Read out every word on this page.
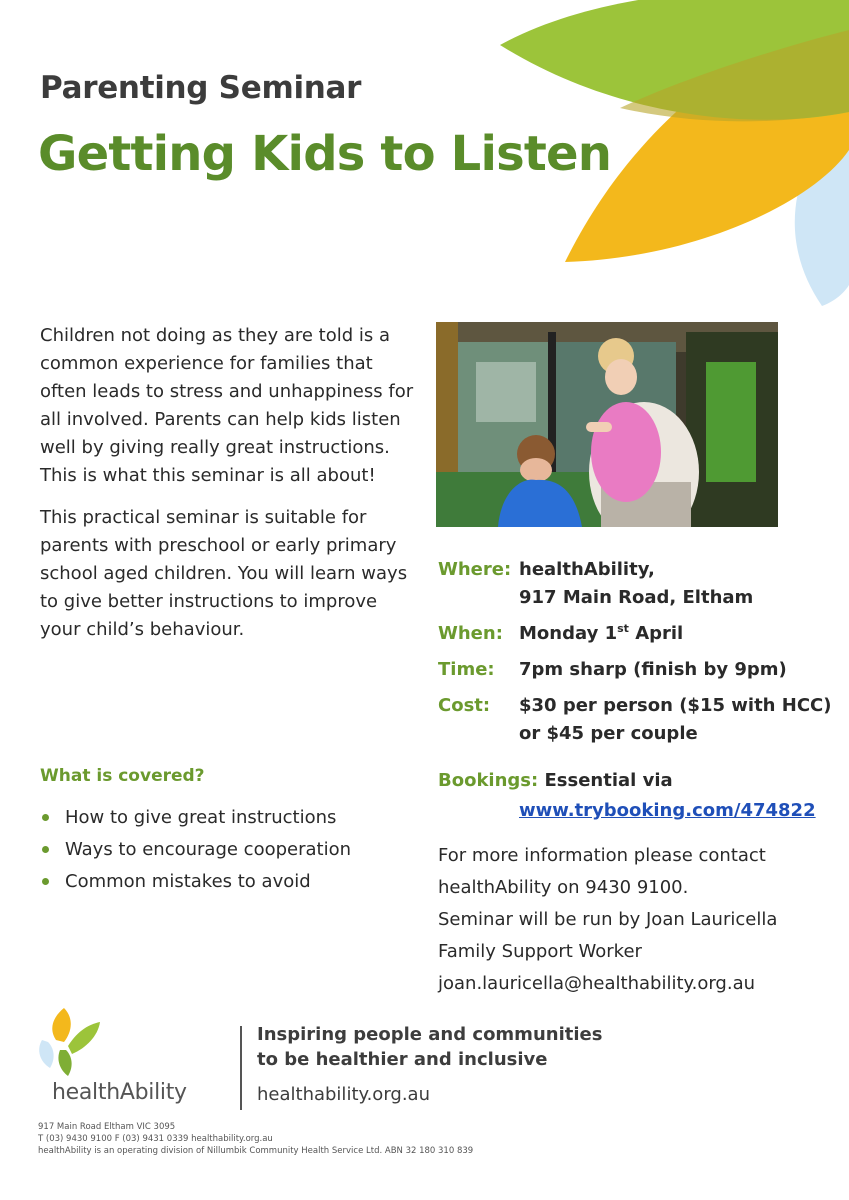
Parenting Seminar
Getting Kids to Listen

Children not doing as they are told is a common experience for families that often leads to stress and unhappiness for all involved. Parents can help kids listen well by giving really great instructions. This is what this seminar is all about!

This practical seminar is suitable for parents with preschool or early primary school aged children. You will learn ways to give better instructions to improve your child’s behaviour.

Where: healthAbility,
917 Main Road, Eltham
When: Monday 1st April
Time:	7pm sharp (finish by 9pm)
Cost:	$30 per person ($15 with HCC)
or $45 per couple
Bookings: Essential via
www.trybooking.com/474822
For more information please contact
healthAbility on 9430 9100.
Seminar will be run by Joan Lauricella
Family Support Worker
joan.lauricella@healthability.org.au
What is covered?
How to give great instructions
Ways to encourage cooperation
Common mistakes to avoid
healthAbility
Inspiring people and communities
to be healthier and inclusive
healthability.org.au
917 Main Road Eltham VIC 3095
T (03) 9430 9100 F (03) 9431 0339 healthability.org.au
healthAbility is an operating division of Nillumbik Community Health Service Ltd. ABN 32 180 310 839
